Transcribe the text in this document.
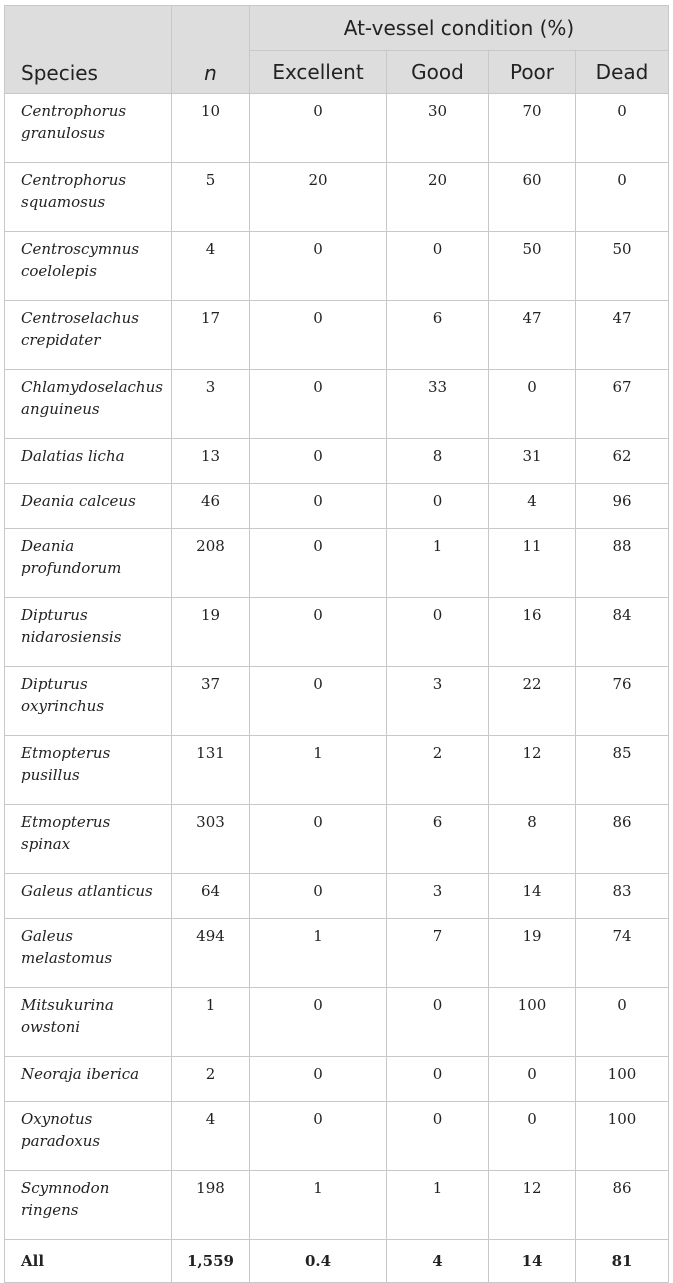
Species	n	At-vessel condition (%)			
		Excellent	Good	Poor	Dead

Centrophorus
granulosus	10	0	30	70	0

Centrophorus
squamosus	5	20	20	60	0

Centroscymnus
coelolepis	4	0	0	50	50

Centroselachus
crepidater	17	0	6	47	47

Chlamydoselachus
anguineus	3	0	33	0	67

Dalatias licha	13	0	8	31	62

Deania calceus	46	0	0	4	96

Deania
profundorum	208	0	1	11	88

Dipturus
nidarosiensis	19	0	0	16	84

Dipturus
oxyrinchus	37	0	3	22	76

Etmopterus
pusillus	131	1	2	12	85

Etmopterus
spinax	303	0	6	8	86

Galeus atlanticus	64	0	3	14	83

Galeus
melastomus	494	1	7	19	74

Mitsukurina
owstoni	1	0	0	100	0

Neoraja iberica	2	0	0	0	100

Oxynotus
paradoxus	4	0	0	0	100

Scymnodon
ringens	198	1	1	12	86
All	1,559	0.4	4	14	81
